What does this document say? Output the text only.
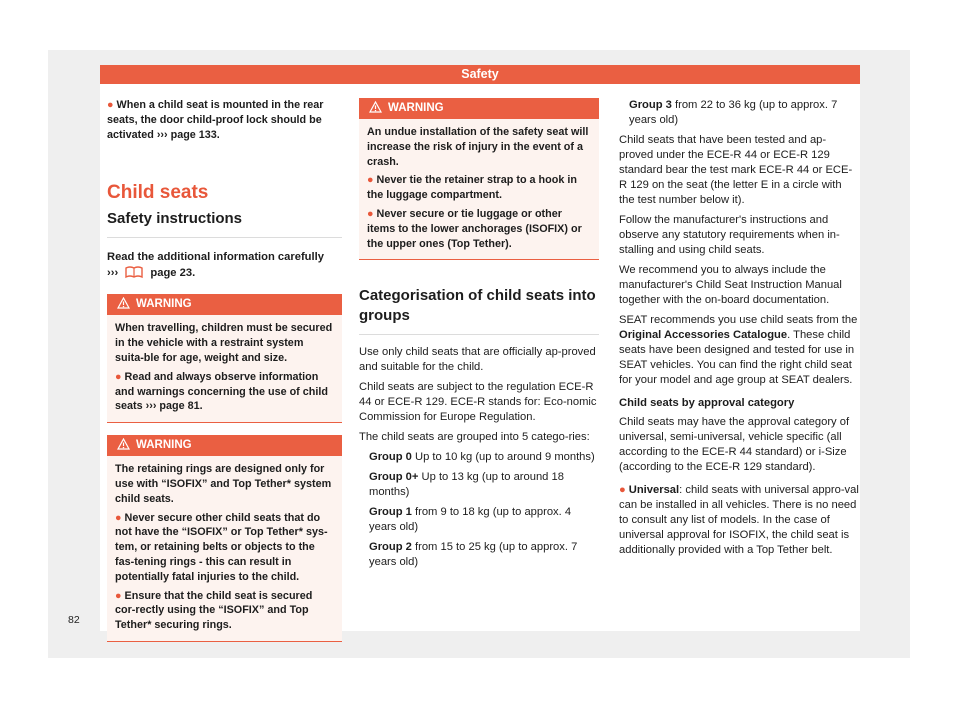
Safety
82

● When a child seat is mounted in the rear seats, the door child-proof lock should be activated ››› page 133.

Child seats
Safety instructions

Read the additional information carefully
›››	page 23.

WARNING

When travelling, children must be secured in the vehicle with a restraint system suita-ble for age, weight and size.

● Read and always observe information and warnings concerning the use of child seats ››› page 81.

WARNING

The retaining rings are designed only for use with “ISOFIX” and Top Tether* system child seats.

● Never secure other child seats that do not have the “ISOFIX” or Top Tether* sys-tem, or retaining belts or objects to the fas-tening rings - this can result in potentially fatal injuries to the child.

● Ensure that the child seat is secured cor-rectly using the “ISOFIX” and Top Tether* securing rings.

WARNING

An undue installation of the safety seat will increase the risk of injury in the event of a crash.

● Never tie the retainer strap to a hook in the luggage compartment.

● Never secure or tie luggage or other items to the lower anchorages (ISOFIX) or the upper ones (Top Tether).

Categorisation of child seats into groups

Use only child seats that are officially ap-proved and suitable for the child.

Child seats are subject to the regulation ECE-R 44 or ECE-R 129. ECE-R stands for: Eco-nomic Commission for Europe Regulation.

The child seats are grouped into 5 catego-ries:

Group 0 Up to 10 kg (up to around 9 months)

Group 0+ Up to 13 kg (up to around 18 months)

Group 1 from 9 to 18 kg (up to approx. 4 years old)

Group 2 from 15 to 25 kg (up to approx. 7 years old)

Group 3 from 22 to 36 kg (up to approx. 7 years old)

Child seats that have been tested and ap-proved under the ECE-R 44 or ECE-R 129 standard bear the test mark ECE-R 44 or ECE-R 129 on the seat (the letter E in a circle with the test number below it).

Follow the manufacturer's instructions and observe any statutory requirements when in-stalling and using child seats.

We recommend you to always include the manufacturer's Child Seat Instruction Manual together with the on-board documentation.

SEAT recommends you use child seats from the Original Accessories Catalogue. These child seats have been designed and tested for use in SEAT vehicles. You can find the right child seat for your model and age group at SEAT dealers.

Child seats by approval category

Child seats may have the approval category of universal, semi-universal, vehicle specific (all according to the ECE-R 44 standard) or i-Size (according to the ECE-R 129 standard).

● Universal: child seats with universal appro-val can be installed in all vehicles. There is no need to consult any list of models. In the case of universal approval for ISOFIX, the child seat is additionally provided with a Top Tether belt.
